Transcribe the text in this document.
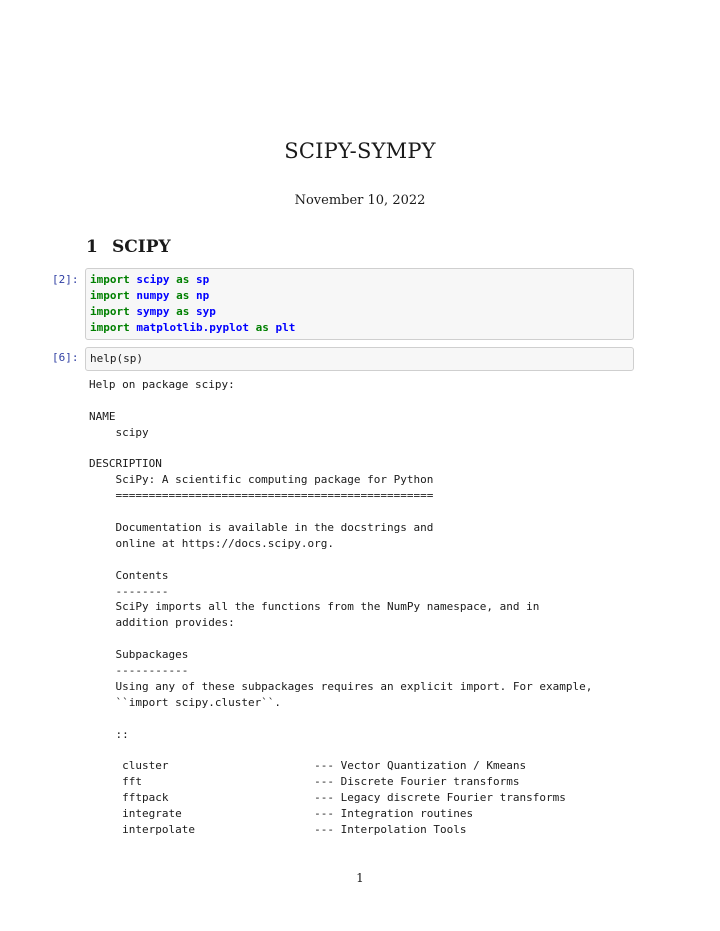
SCIPY-SYMPY
November 10, 2022
1 SCIPY
[2]: import scipy as sp
import numpy as np
import sympy as syp
import matplotlib.pyplot as plt
[6]: help(sp)
Help on package scipy:
NAME
scipy
DESCRIPTION
SciPy: A scientific computing package for Python
================================================
Documentation is available in the docstrings and
online at https://docs.scipy.org.
Contents
--------
SciPy imports all the functions from the NumPy namespace, and in
addition provides:
Subpackages
-----------
Using any of these subpackages requires an explicit import. For example,
``import scipy.cluster``.
::
cluster                      --- Vector Quantization / Kmeans
fft                          --- Discrete Fourier transforms
fftpack                      --- Legacy discrete Fourier transforms
integrate                    --- Integration routines
interpolate                  --- Interpolation Tools
1
